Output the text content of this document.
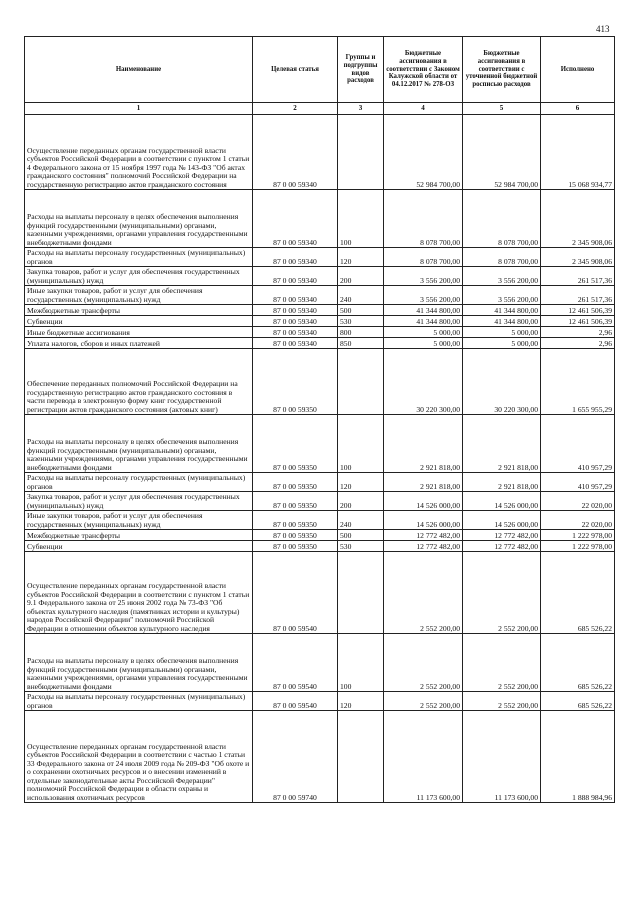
413
Наименование	Целевая статья	Группы и подгруппы видов расходов	Бюджетные ассигнования в соответствии с Законом Калужской области от 04.12.2017 № 278-ОЗ	Бюджетные ассигнования в соответствии с уточненной бюджетной росписью расходов	Исполнено
1	2	3	4	5	6
Осуществление переданных органам государственной власти субъектов Российской Федерации в соответствии с пунктом 1 статьи 4 Федерального закона от 15 ноября 1997 года № 143-ФЗ "Об актах гражданского состояния" полномочий Российской Федерации на государственную регистрацию актов гражданского состояния	87 0 00 59340		52 984 700,00	52 984 700,00	15 068 934,77
Расходы на выплаты персоналу в целях обеспечения выполнения функций государственными (муниципальными) органами, казенными учреждениями, органами управления государственными внебюджетными фондами	87 0 00 59340	100	8 078 700,00	8 078 700,00	2 345 908,06
Расходы на выплаты персоналу государственных (муниципальных) органов	87 0 00 59340	120	8 078 700,00	8 078 700,00	2 345 908,06
Закупка товаров, работ и услуг для обеспечения государственных (муниципальных) нужд	87 0 00 59340	200	3 556 200,00	3 556 200,00	261 517,36
Иные закупки товаров, работ и услуг для обеспечения государственных (муниципальных) нужд	87 0 00 59340	240	3 556 200,00	3 556 200,00	261 517,36
Межбюджетные трансферты	87 0 00 59340	500	41 344 800,00	41 344 800,00	12 461 506,39
Субвенции	87 0 00 59340	530	41 344 800,00	41 344 800,00	12 461 506,39
Иные бюджетные ассигнования	87 0 00 59340	800	5 000,00	5 000,00	2,96
Уплата налогов, сборов и иных платежей	87 0 00 59340	850	5 000,00	5 000,00	2,96
Обеспечение переданных полномочий Российской Федерации на государственную регистрацию актов гражданского состояния в части перевода в электронную форму книг государственной регистрации актов гражданского состояния (актовых книг)	87 0 00 59350		30 220 300,00	30 220 300,00	1 655 955,29
Расходы на выплаты персоналу в целях обеспечения выполнения функций государственными (муниципальными) органами, казенными учреждениями, органами управления государственными внебюджетными фондами	87 0 00 59350	100	2 921 818,00	2 921 818,00	410 957,29
Расходы на выплаты персоналу государственных (муниципальных) органов	87 0 00 59350	120	2 921 818,00	2 921 818,00	410 957,29
Закупка товаров, работ и услуг для обеспечения государственных (муниципальных) нужд	87 0 00 59350	200	14 526 000,00	14 526 000,00	22 020,00
Иные закупки товаров, работ и услуг для обеспечения государственных (муниципальных) нужд	87 0 00 59350	240	14 526 000,00	14 526 000,00	22 020,00
Межбюджетные трансферты	87 0 00 59350	500	12 772 482,00	12 772 482,00	1 222 978,00
Субвенции	87 0 00 59350	530	12 772 482,00	12 772 482,00	1 222 978,00
Осуществление переданных органам государственной власти субъектов Российской Федерации в соответствии с пунктом 1 статьи 9.1 Федерального закона от 25 июня 2002 года № 73-ФЗ "Об объектах культурного наследия (памятниках истории и культуры) народов Российской Федерации" полномочий Российской Федерации в отношении объектов культурного наследия	87 0 00 59540		2 552 200,00	2 552 200,00	685 526,22
Расходы на выплаты персоналу в целях обеспечения выполнения функций государственными (муниципальными) органами, казенными учреждениями, органами управления государственными внебюджетными фондами	87 0 00 59540	100	2 552 200,00	2 552 200,00	685 526,22
Расходы на выплаты персоналу государственных (муниципальных) органов	87 0 00 59540	120	2 552 200,00	2 552 200,00	685 526,22
Осуществление переданных органам государственной власти субъектов Российской Федерации в соответствии с частью 1 статьи 33 Федерального закона от 24 июля 2009 года № 209-ФЗ "Об охоте и о сохранении охотничьих ресурсов и о внесении изменений в отдельные законодательные акты Российской Федерации" полномочий Российской Федерации в области охраны и использования охотничьих ресурсов	87 0 00 59740		11 173 600,00	11 173 600,00	1 888 984,96
